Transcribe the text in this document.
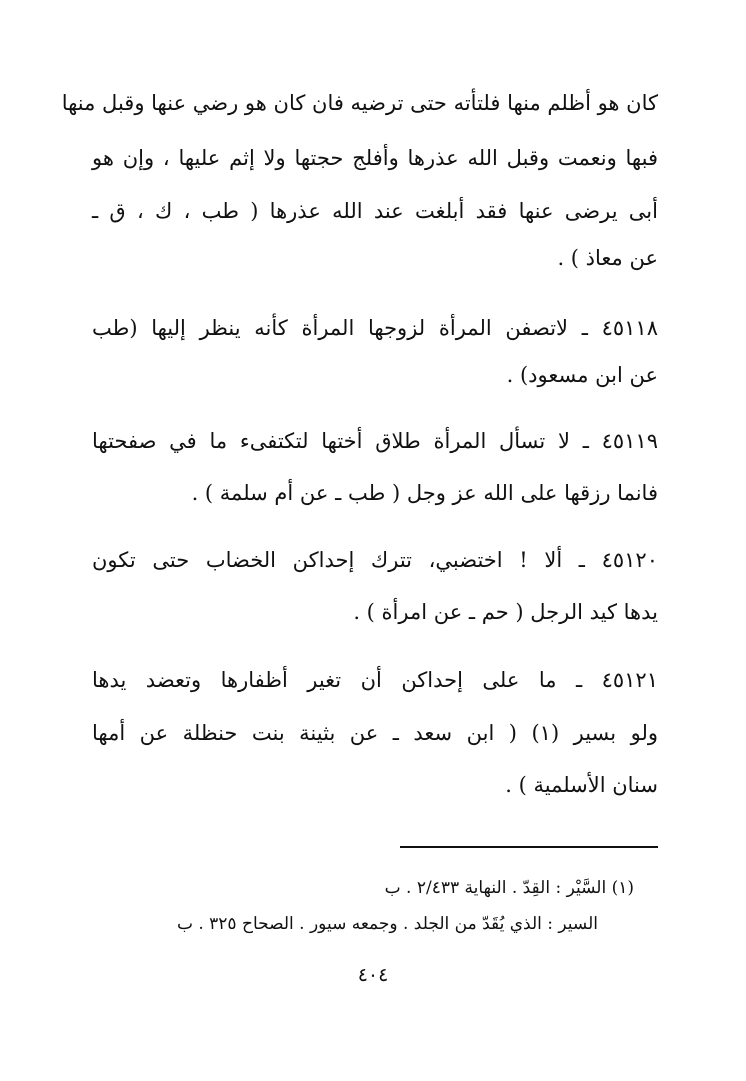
كان هو أظلم منها فلتأته حتى ترضيه فان كان هو رضي عنها وقبل منها
فبها ونعمت وقبل الله عذرها وأفلج حجتها ولا إثم عليها ، وإن هو
أبى يرضى عنها فقد أبلغت عند الله عذرها ( طب ، ك ، ق ـ
عن معاذ ) .
٤٥١١٨ ـ لاتصفن المرأة لزوجها المرأة كأنه ينظر إليها (طب
عن ابن مسعود) .
٤٥١١٩ ـ لا تسأل المرأة طلاق أختها لتكتفىء ما في صفحتها
فانما رزقها على الله عز وجل ( طب ـ عن أم سلمة ) .
٤٥١٢٠ ـ ألا ! اختضبي، تترك إحداكن الخضاب حتى تكون
يدها كيد الرجل ( حم ـ عن امرأة ) .
٤٥١٢١ ـ ما على إحداكن أن تغير أظفارها وتعضد يدها
ولو بسير (١) ( ابن سعد ـ عن بثينة بنت حنظلة عن أمها
سنان الأسلمية ) .
(١) السَّيْر : القِدّ . النهاية ٢/٤٣٣ . ب
السير : الذي يُقَدّ من الجلد . وجمعه سيور . الصحاح ٣٢٥ . ب
٤٠٤
